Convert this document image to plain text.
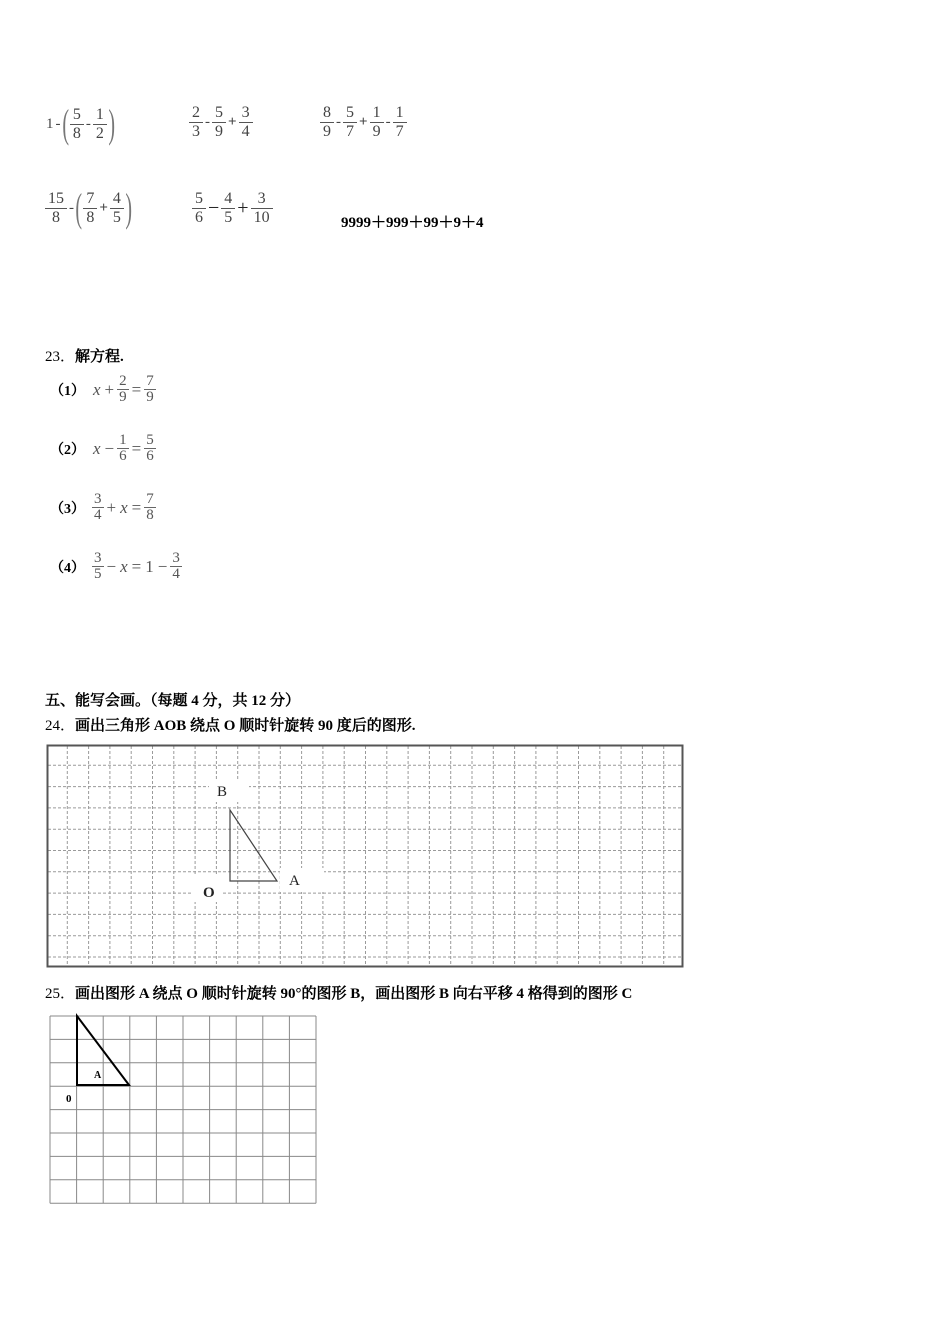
1 - ( $\frac{5}{8} - \frac{1}{2}$ )	$\frac{2}{3} - \frac{5}{9} + \frac{3}{4}$	$\frac{8}{9} - \frac{5}{7} + \frac{1}{9} - \frac{1}{7}$
$\frac{15}{8}$ - ( $\frac{7}{8} + \frac{4}{5}$ )	$\frac{5}{6} - \frac{4}{5} + \frac{3}{10}$	9999＋999＋99＋9＋4
23．解方程.
（1） $x + \frac{2}{9} = \frac{7}{9}$
（2） $x - \frac{1}{6} = \frac{5}{6}$
$(3) \frac{3}{4} + x = \frac{7}{8}$
$(4) \frac{3}{5} - x = 1 - \frac{3}{4}$
五、能写会画。（每题 4 分，共 12 分）
24．画出三角形 AOB 绕点 O 顺时针旋转 90 度后的图形.
B
A
O
25．画出图形 A 绕点 O 顺时针旋转 90°的图形 B，画出图形 B 向右平移 4 格得到的图形 C
A
0
